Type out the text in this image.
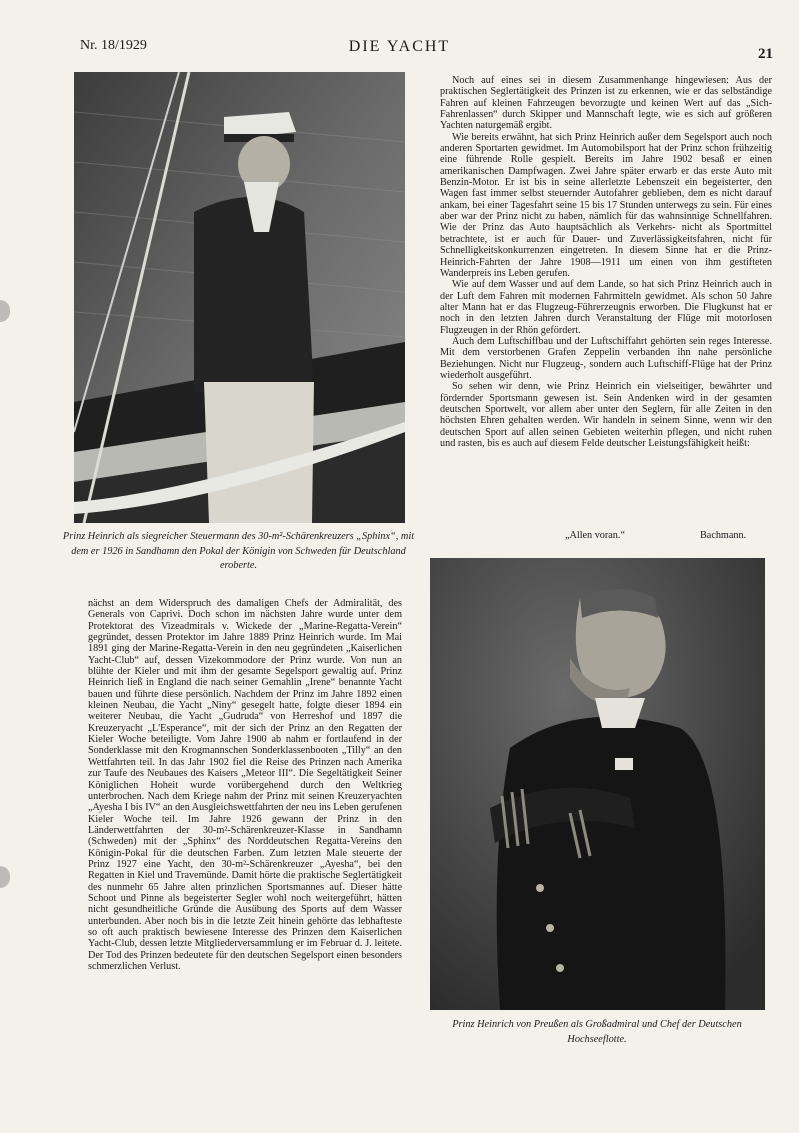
Nr. 18/1929	DIE YACHT	21
Prinz Heinrich als siegreicher Steuermann des 30-m²-Schärenkreuzers „Sphinx“, mit dem er 1926 in Sandhamn den Pokal der Königin von Schweden für Deutschland eroberte.

Noch auf eines sei in diesem Zusammenhange hingewiesen: Aus der praktischen Seglertätigkeit des Prinzen ist zu erkennen, wie er das selbständige Fahren auf kleinen Fahrzeugen bevorzugte und keinen Wert auf das „Sich-Fahrenlassen“ durch Skipper und Mannschaft legte, wie es sich auf größeren Yachten naturgemäß ergibt.

Wie bereits erwähnt, hat sich Prinz Heinrich außer dem Segelsport auch noch anderen Sportarten gewidmet. Im Automobilsport hat der Prinz schon frühzeitig eine führende Rolle gespielt. Bereits im Jahre 1902 besaß er einen amerikanischen Dampfwagen. Zwei Jahre später erwarb er das erste Auto mit Benzin-Motor. Er ist bis in seine allerletzte Lebenszeit ein begeisterter, den Wagen fast immer selbst steuernder Autofahrer geblieben, dem es nicht darauf ankam, bei einer Tagesfahrt seine 15 bis 17 Stunden unterwegs zu sein. Für eines aber war der Prinz nicht zu haben, nämlich für das wahnsinnige Schnellfahren. Wie der Prinz das Auto hauptsächlich als Verkehrs- nicht als Sportmittel betrachtete, ist er auch für Dauer- und Zuverlässigkeitsfahren, nicht für Schnelligkeitskonkurrenzen eingetreten. In diesem Sinne hat er die Prinz-Heinrich-Fahrten der Jahre 1908—1911 um einen von ihm gestifteten Wanderpreis ins Leben gerufen.

Wie auf dem Wasser und auf dem Lande, so hat sich Prinz Heinrich auch in der Luft dem Fahren mit modernen Fahrmitteln gewidmet. Als schon 50 Jahre alter Mann hat er das Flugzeug-Führerzeugnis erworben. Die Flugkunst hat er noch in den letzten Jahren durch Veranstaltung der Flüge mit motorlosen Flugzeugen in der Rhön gefördert.

Auch dem Luftschiffbau und der Luftschiffahrt gehörten sein reges Interesse. Mit dem verstorbenen Grafen Zeppelin verbanden ihn nahe persönliche Beziehungen. Nicht nur Flugzeug-, sondern auch Luftschiff-Flüge hat der Prinz wiederholt ausgeführt.

So sehen wir denn, wie Prinz Heinrich ein vielseitiger, bewährter und fördernder Sportsmann gewesen ist. Sein Andenken wird in der gesamten deutschen Sportwelt, vor allem aber unter den Seglern, für alle Zeiten in den höchsten Ehren gehalten werden. Wir handeln in seinem Sinne, wenn wir den deutschen Sport auf allen seinen Gebieten weiterhin pflegen, und nicht ruhen und rasten, bis es auch auf diesem Felde deutscher Leistungsfähigkeit heißt:

„Allen voran.“	Bachmann.

nächst an dem Widerspruch des damaligen Chefs der Admiralität, des Generals von Caprivi. Doch schon im nächsten Jahre wurde unter dem Protektorat des Vizeadmirals v. Wickede der „Marine-Regatta-Verein“ gegründet, dessen Protektor im Jahre 1889 Prinz Heinrich wurde. Im Mai 1891 ging der Marine-Regatta-Verein in den neu gegründeten „Kaiserlichen Yacht-Club“ auf, dessen Vizekommodore der Prinz wurde. Von nun an blühte der Kieler und mit ihm der gesamte Segelsport gewaltig auf. Prinz Heinrich ließ in England die nach seiner Gemahlin „Irene“ benannte Yacht bauen und führte diese persönlich. Nachdem der Prinz im Jahre 1892 einen kleinen Neubau, die Yacht „Niny“ gesegelt hatte, folgte dieser 1894 ein weiterer Neubau, die Yacht „Gudruda“ von Herreshof und 1897 die Kreuzeryacht „L'Esperance“, mit der sich der Prinz an den Regatten der Kieler Woche beteiligte. Vom Jahre 1900 ab nahm er fortlaufend in der Sonderklasse mit den Krogmannschen Sonderklassenbooten „Tilly“ an den Wettfahrten teil. In das Jahr 1902 fiel die Reise des Prinzen nach Amerika zur Taufe des Neubaues des Kaisers „Meteor III“. Die Segeltätigkeit Seiner Königlichen Hoheit wurde vorübergehend durch den Weltkrieg unterbrochen. Nach dem Kriege nahm der Prinz mit seinen Kreuzeryachten „Ayesha I bis IV“ an den Ausgleichswettfahrten der neu ins Leben gerufenen Kieler Woche teil. Im Jahre 1926 gewann der Prinz in den Länderwettfahrten der 30-m²-Schärenkreuzer-Klasse in Sandhamn (Schweden) mit der „Sphinx“ des Norddeutschen Regatta-Vereins den Königin-Pokal für die deutschen Farben. Zum letzten Male steuerte der Prinz 1927 eine Yacht, den 30-m²-Schärenkreuzer „Ayesha“, bei den Regatten in Kiel und Travemünde. Damit hörte die praktische Seglertätigkeit des nunmehr 65 Jahre alten prinzlichen Sportsmannes auf. Dieser hätte Schoot und Pinne als begeisterter Segler wohl noch weitergeführt, hätten nicht gesundheitliche Gründe die Ausübung des Sports auf dem Wasser unterbunden. Aber noch bis in die letzte Zeit hinein gehörte das lebhafteste so oft auch praktisch bewiesene Interesse des Prinzen dem Kaiserlichen Yacht-Club, dessen letzte Mitgliederversammlung er im Februar d. J. leitete. Der Tod des Prinzen bedeutete für den deutschen Segelsport einen besonders schmerzlichen Verlust.

Prinz Heinrich von Preußen als Großadmiral und Chef der Deutschen Hochseeflotte.
